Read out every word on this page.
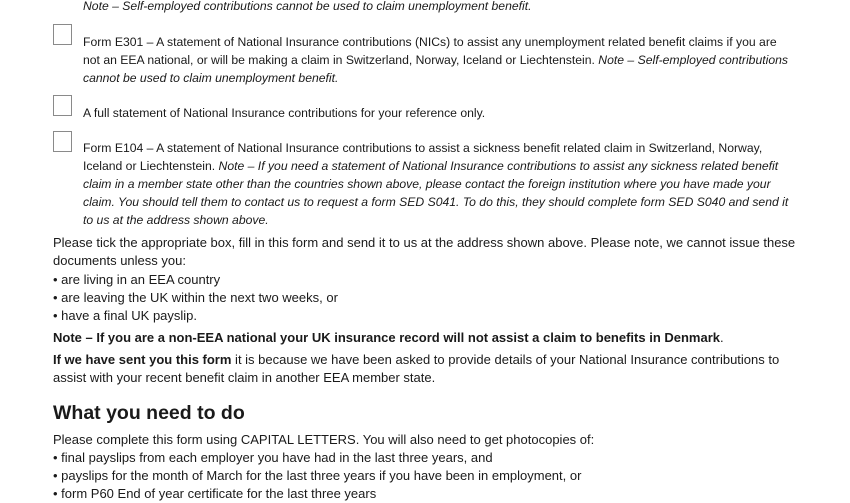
Note – Self-employed contributions cannot be used to claim unemployment benefit.
Form E301 – A statement of National Insurance contributions (NICs) to assist any unemployment related benefit claims if you are
not an EEA national, or will be making a claim in Switzerland, Norway, Iceland or Liechtenstein. Note – Self-employed contributions
cannot be used to claim unemployment benefit.
A full statement of National Insurance contributions for your reference only.
Form E104 – A statement of National Insurance contributions to assist a sickness benefit related claim in Switzerland, Norway,
Iceland or Liechtenstein. Note – If you need a statement of National Insurance contributions to assist any sickness related benefit
claim in a member state other than the countries shown above, please contact the foreign institution where you have made your
claim. You should tell them to contact us to request a form SED S041. To do this, they should complete form SED S040 and send it
to us at the address shown above.
Please tick the appropriate box, fill in this form and send it to us at the address shown above. Please note, we cannot issue these
documents unless you:
• are living in an EEA country
• are leaving the UK within the next two weeks, or
• have a final UK payslip.
Note – If you are a non-EEA national your UK insurance record will not assist a claim to benefits in Denmark.
If we have sent you this form it is because we have been asked to provide details of your National Insurance contributions to
assist with your recent benefit claim in another EEA member state.
What you need to do
Please complete this form using CAPITAL LETTERS. You will also need to get photocopies of:
• final payslips from each employer you have had in the last three years, and
• payslips for the month of March for the last three years if you have been in employment, or
• form P60 End of year certificate for the last three years
